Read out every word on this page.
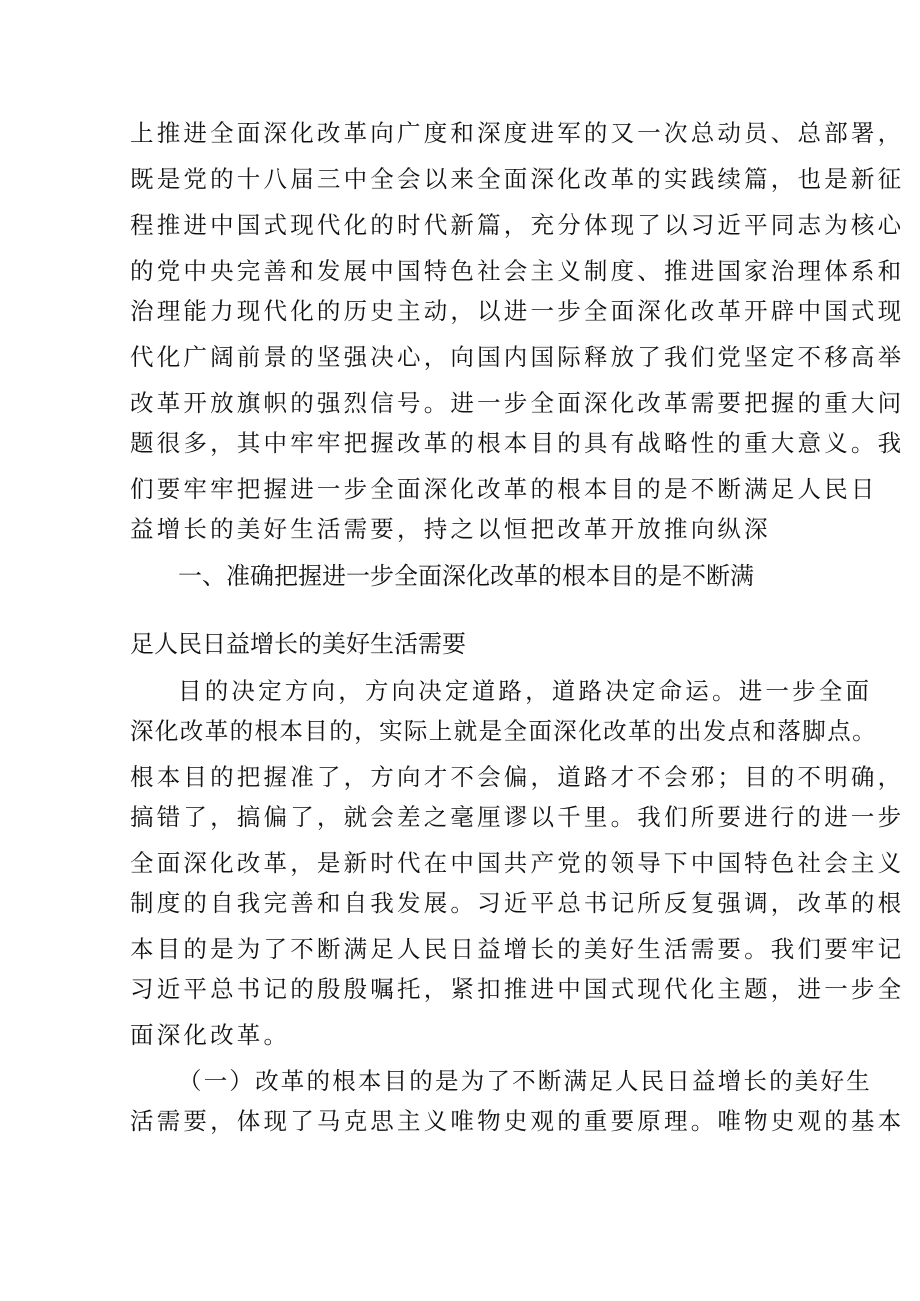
上推进全面深化改革向广度和深度进军的又一次总动员、总部署，
既是党的十八届三中全会以来全面深化改革的实践续篇，也是新征
程推进中国式现代化的时代新篇，充分体现了以习近平同志为核心
的党中央完善和发展中国特色社会主义制度、推进国家治理体系和
治理能力现代化的历史主动，以进一步全面深化改革开辟中国式现
代化广阔前景的坚强决心，向国内国际释放了我们党坚定不移高举
改革开放旗帜的强烈信号。进一步全面深化改革需要把握的重大问
题很多，其中牢牢把握改革的根本目的具有战略性的重大意义。我
们要牢牢把握进一步全面深化改革的根本目的是不断满足人民日
益增长的美好生活需要，持之以恒把改革开放推向纵深
一、准确把握进一步全面深化改革的根本目的是不断满
足人民日益增长的美好生活需要
目的决定方向，方向决定道路，道路决定命运。进一步全面
深化改革的根本目的，实际上就是全面深化改革的出发点和落脚点。
根本目的把握准了，方向才不会偏，道路才不会邪；目的不明确，
搞错了，搞偏了，就会差之毫厘谬以千里。我们所要进行的进一步
全面深化改革，是新时代在中国共产党的领导下中国特色社会主义
制度的自我完善和自我发展。习近平总书记所反复强调，改革的根
本目的是为了不断满足人民日益增长的美好生活需要。我们要牢记
习近平总书记的殷殷嘱托，紧扣推进中国式现代化主题，进一步全
面深化改革。
（一）改革的根本目的是为了不断满足人民日益增长的美好生
活需要，体现了马克思主义唯物史观的重要原理。唯物史观的基本
